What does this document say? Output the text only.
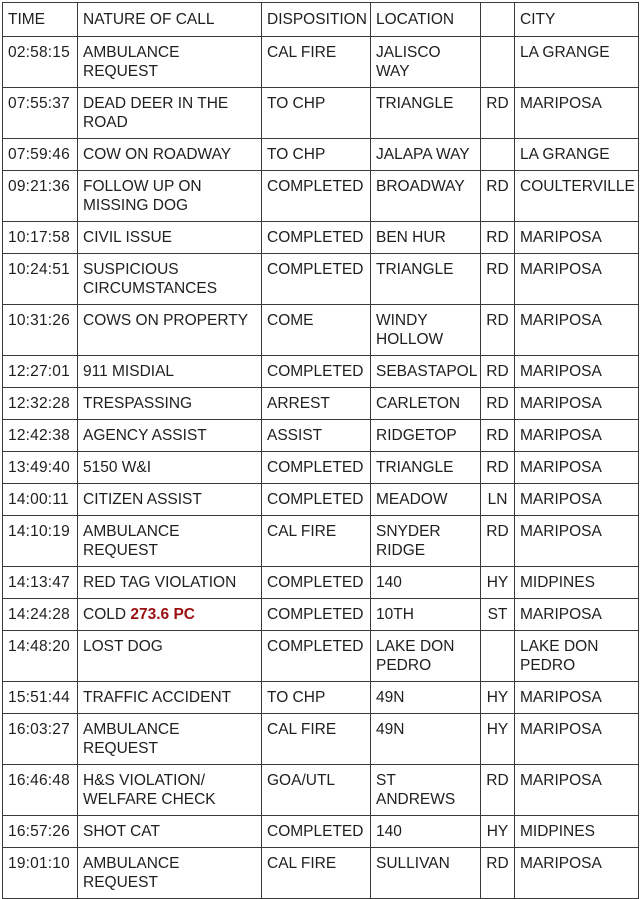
TIME	NATURE OF CALL	DISPOSITION	LOCATION		CITY
02:58:15	AMBULANCE REQUEST	CAL FIRE	JALISCO WAY		LA GRANGE
07:55:37	DEAD DEER IN THE ROAD	TO CHP	TRIANGLE	RD	MARIPOSA
07:59:46	COW ON ROADWAY	TO CHP	JALAPA WAY		LA GRANGE
09:21:36	FOLLOW UP ON MISSING DOG	COMPLETED	BROADWAY	RD	COULTERVILLE
10:17:58	CIVIL ISSUE	COMPLETED	BEN HUR	RD	MARIPOSA
10:24:51	SUSPICIOUS CIRCUMSTANCES	COMPLETED	TRIANGLE	RD	MARIPOSA
10:31:26	COWS ON PROPERTY	COME	WINDY HOLLOW	RD	MARIPOSA
12:27:01	911 MISDIAL	COMPLETED	SEBASTAPOL	RD	MARIPOSA
12:32:28	TRESPASSING	ARREST	CARLETON	RD	MARIPOSA
12:42:38	AGENCY ASSIST	ASSIST	RIDGETOP	RD	MARIPOSA
13:49:40	5150 W&I	COMPLETED	TRIANGLE	RD	MARIPOSA
14:00:11	CITIZEN ASSIST	COMPLETED	MEADOW	LN	MARIPOSA
14:10:19	AMBULANCE REQUEST	CAL FIRE	SNYDER RIDGE	RD	MARIPOSA
14:13:47	RED TAG VIOLATION	COMPLETED	140	HY	MIDPINES
14:24:28	COLD 273.6 PC	COMPLETED	10TH	ST	MARIPOSA
14:48:20	LOST DOG	COMPLETED	LAKE DON PEDRO		LAKE DON PEDRO
15:51:44	TRAFFIC ACCIDENT	TO CHP	49N	HY	MARIPOSA
16:03:27	AMBULANCE REQUEST	CAL FIRE	49N	HY	MARIPOSA
16:46:48	H&S VIOLATION/ WELFARE CHECK	GOA/UTL	ST ANDREWS	RD	MARIPOSA
16:57:26	SHOT CAT	COMPLETED	140	HY	MIDPINES
19:01:10	AMBULANCE REQUEST	CAL FIRE	SULLIVAN	RD	MARIPOSA
